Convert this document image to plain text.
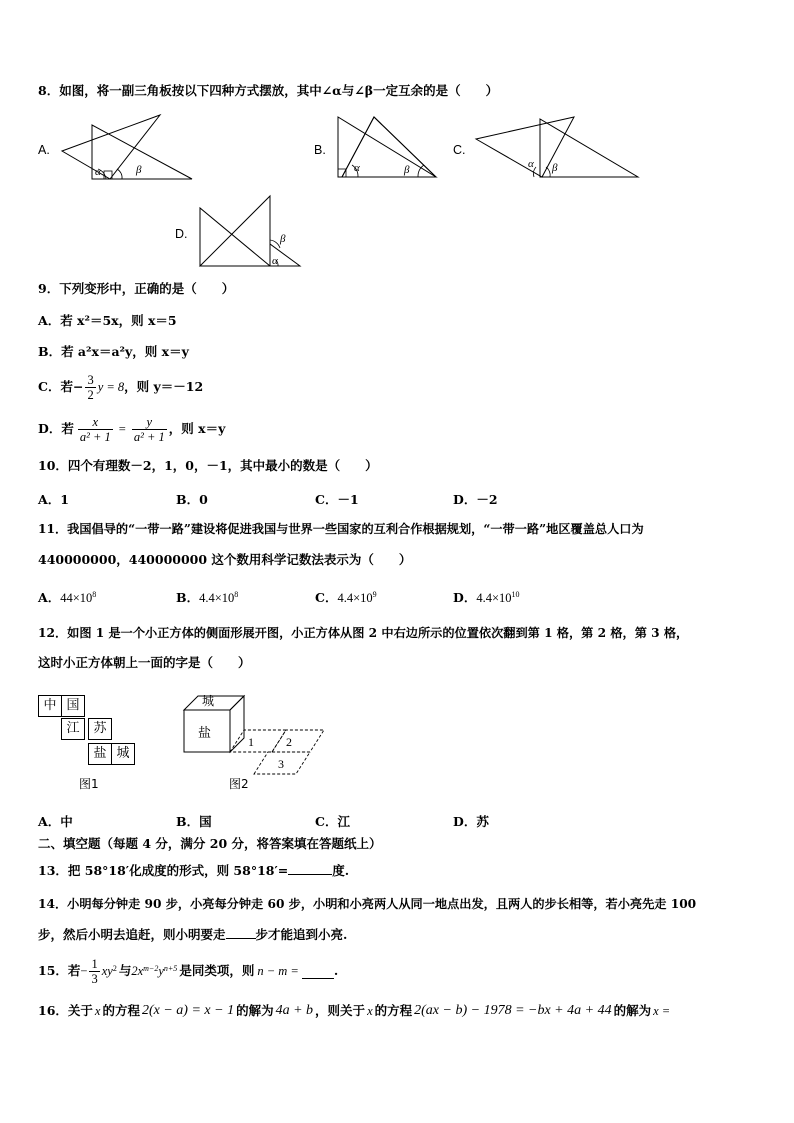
8．如图，将一副三角板按以下四种方式摆放，其中∠α与∠β一定互余的是（　　）
A.
α	β
B.
α	β
C.
α β
D.	β
α
9．下列变形中，正确的是（　　）
A．若 x²＝5x，则 x＝5
B．若 a²x＝a²y，则 x＝y
C．若− $\frac{3}{2}$ y = 8 ，则 y＝－12
D．若 $\frac{x}{\text{a² + 1}} = \frac{y}{\text{a² + 1}}$ ，则 x＝y
10．四个有理数－2，1，0，－1，其中最小的数是（　　）
A．1	B．0	C．－1	D．－2
11．我国倡导的“一带一路”建设将促进我国与世界一些国家的互利合作根据规划，“一带一路”地区覆盖总人口为
440000000，440000000 这个数用科学记数法表示为（　　）
A．$44\times 10^8$	B．$4.4\times 10^8$	C．$4.4\times 10^9$	D．$4.4\times 10^{10}$
12．如图 1 是一个小正方体的侧面形展开图，小正方体从图 2 中右边所示的位置依次翻到第 1 格，第 2 格，第 3 格，
这时小正方体朝上一面的字是（　　）
中 国
江	苏
盐 城
图1
1	2
3
城
盐
图2
A．中	B．国	C．江	D．苏
二、填空题（每题 4 分，满分 20 分，将答案填在答题纸上）
13．把 58°18′化成度的形式，则 58°18′=	度.
14．小明每分钟走 90 步，小亮每分钟走 60 步，小明和小亮两人从同一地点出发，且两人的步长相等，若小亮先走 100
步，然后小明去追赶，则小明要走 步才能追到小亮.
15．若 − $\frac{1}{3}$ xy 2 与 2x m−2 y n+5 是同类项，则 n − m =	.
16．关于 x 的方程 2(x − a) = x − 1 的解为 4a + b ，则关于 x 的方程 2(ax − b) − 1978 = −bx + 4a + 44 的解为 x =
